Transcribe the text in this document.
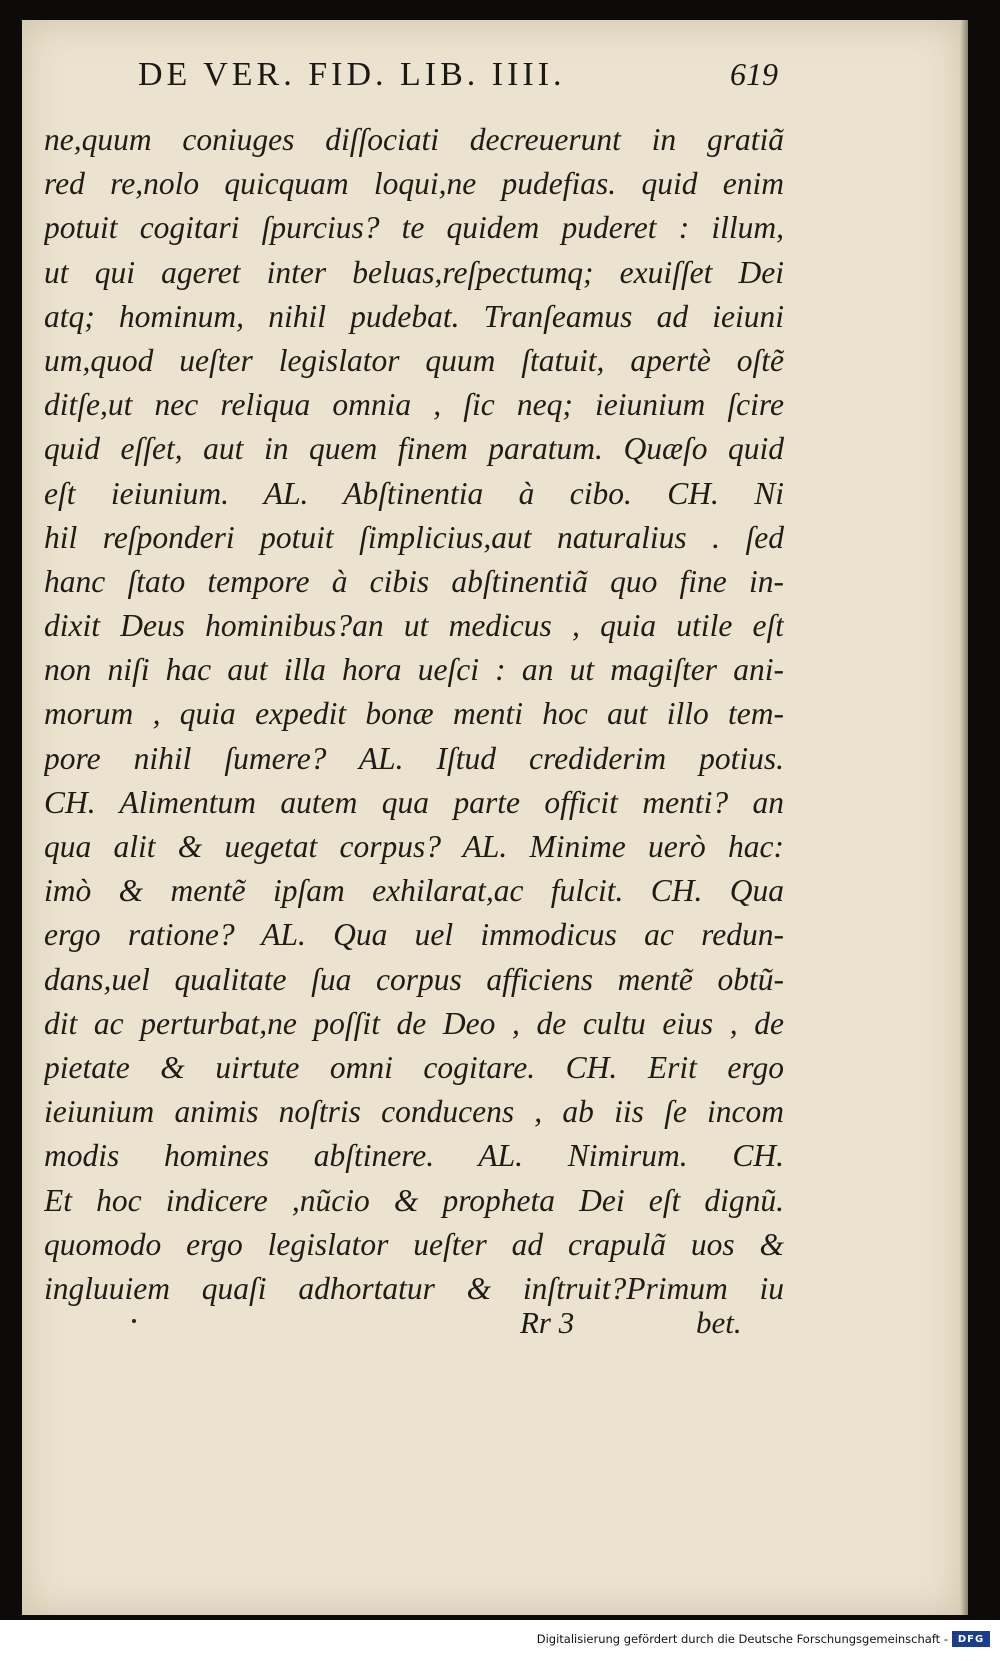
DE VER. FID. LIB. IIII.	619
ne,quum coniuges diſſociati decreuerunt in gratiã
red re,nolo quicquam loqui,ne pudefias. quid enim
potuit cogitari ſpurcius? te quidem puderet : illum,
ut qui ageret inter beluas,reſpectumq; exuiſſet Dei
atq; hominum, nihil pudebat. Tranſeamus ad ieiuni
um,quod ueſter legislator quum ſtatuit, apertè oſtẽ
ditſe,ut nec reliqua omnia , ſic neq; ieiunium ſcire
quid eſſet, aut in quem finem paratum. Quæſo quid
eſt ieiunium. AL. Abſtinentia à cibo. CH. Ni
hil reſponderi potuit ſimplicius,aut naturalius . ſed
hanc ſtato tempore à cibis abſtinentiã quo fine in-
dixit Deus hominibus?an ut medicus , quia utile eſt
non niſi hac aut illa hora ueſci : an ut magiſter ani-
morum , quia expedit bonæ menti hoc aut illo tem-
pore nihil ſumere? AL. Iſtud crediderim potius.
CH. Alimentum autem qua parte officit menti? an
qua alit & uegetat corpus? AL. Minime uerò hac:
imò & mentẽ ipſam exhilarat,ac fulcit. CH. Qua
ergo ratione? AL. Qua uel immodicus ac redun-
dans,uel qualitate ſua corpus afficiens mentẽ obtũ-
dit ac perturbat,ne poſſit de Deo , de cultu eius , de
pietate & uirtute omni cogitare. CH. Erit ergo
ieiunium animis noſtris conducens , ab iis ſe incom
modis homines abſtinere. AL. Nimirum. CH.
Et hoc indicere ,nũcio & propheta Dei eſt dignũ.
quomodo ergo legislator ueſter ad crapulã uos &
ingluuiem quaſi adhortatur & inſtruit?Primum iu
Rr 3	bet.
Digitalisierung gefördert durch die Deutsche Forschungsgemeinschaft - DFG
